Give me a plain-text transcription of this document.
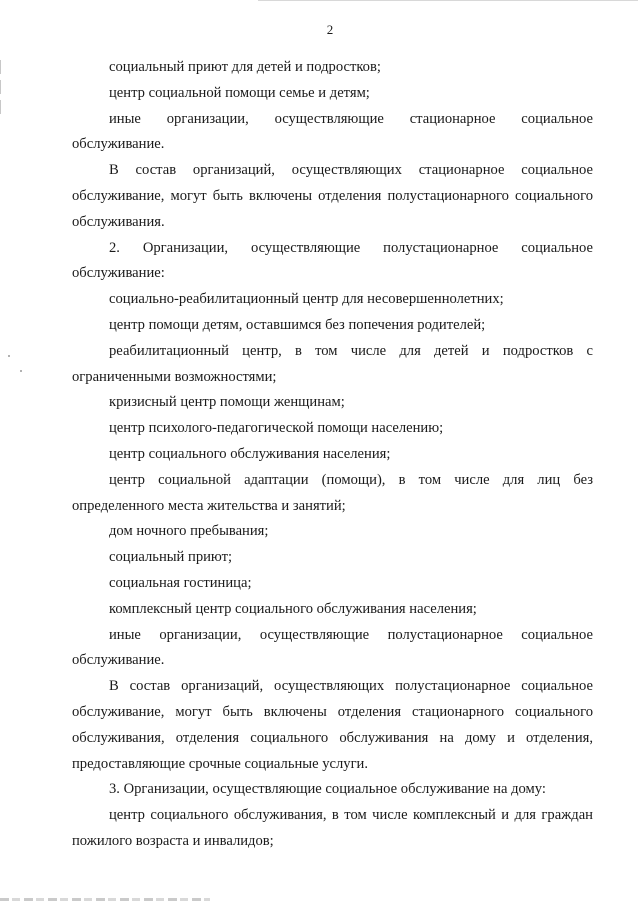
2

социальный приют для детей и подростков;

центр социальной помощи семье и детям;

иные организации, осуществляющие стационарное социальное обслуживание.

В состав организаций, осуществляющих стационарное социальное обслуживание, могут быть включены отделения полустационарного социального обслуживания.

2. Организации, осуществляющие полустационарное социальное обслуживание:

социально-реабилитационный центр для несовершеннолетних;

центр помощи детям, оставшимся без попечения родителей;

реабилитационный центр, в том числе для детей и подростков с ограниченными возможностями;

кризисный центр помощи женщинам;

центр психолого-педагогической помощи населению;

центр социального обслуживания населения;

центр социальной адаптации (помощи), в том числе для лиц без определенного места жительства и занятий;

дом ночного пребывания;

социальный приют;

социальная гостиница;

комплексный центр социального обслуживания населения;

иные организации, осуществляющие полустационарное социальное обслуживание.

В состав организаций, осуществляющих полустационарное социальное обслуживание, могут быть включены отделения стационарного социального обслуживания, отделения социального обслуживания на дому и отделения, предоставляющие срочные социальные услуги.

3. Организации, осуществляющие социальное обслуживание на дому:

центр социального обслуживания, в том числе комплексный и для граждан пожилого возраста и инвалидов;
